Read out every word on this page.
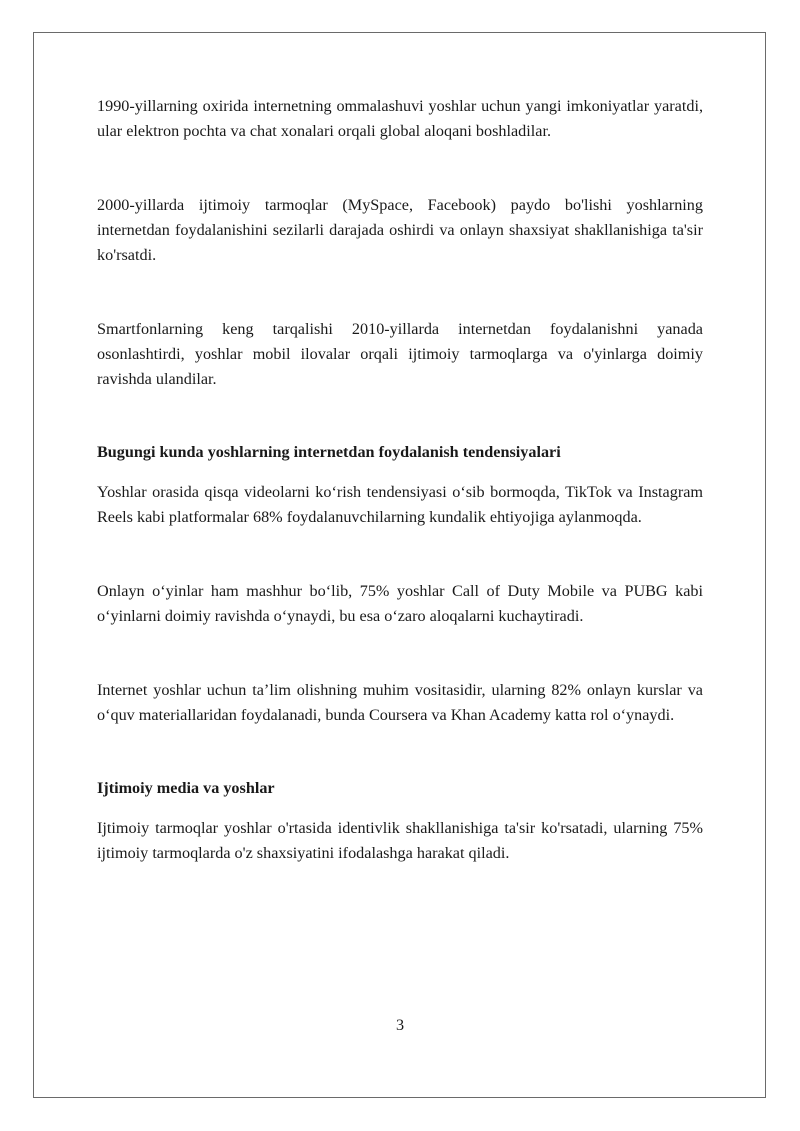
1990-yillarning oxirida internetning ommalashuvi yoshlar uchun yangi imkoniyatlar yaratdi, ular elektron pochta va chat xonalari orqali global aloqani boshladilar.

2000-yillarda ijtimoiy tarmoqlar (MySpace, Facebook) paydo bo'lishi yoshlarning internetdan foydalanishini sezilarli darajada oshirdi va onlayn shaxsiyat shakllanishiga ta'sir ko'rsatdi.

Smartfonlarning keng tarqalishi 2010-yillarda internetdan foydalanishni yanada osonlashtirdi, yoshlar mobil ilovalar orqali ijtimoiy tarmoqlarga va o'yinlarga doimiy ravishda ulandilar.

Bugungi kunda yoshlarning internetdan foydalanish tendensiyalari

Yoshlar orasida qisqa videolarni ko‘rish tendensiyasi o‘sib bormoqda, TikTok va Instagram Reels kabi platformalar 68% foydalanuvchilarning kundalik ehtiyojiga aylanmoqda.

Onlayn o‘yinlar ham mashhur bo‘lib, 75% yoshlar Call of Duty Mobile va PUBG kabi o‘yinlarni doimiy ravishda o‘ynaydi, bu esa o‘zaro aloqalarni kuchaytiradi.

Internet yoshlar uchun ta’lim olishning muhim vositasidir, ularning 82% onlayn kurslar va o‘quv materiallaridan foydalanadi, bunda Coursera va Khan Academy katta rol o‘ynaydi.

Ijtimoiy media va yoshlar

Ijtimoiy tarmoqlar yoshlar o'rtasida identivlik shakllanishiga ta'sir ko'rsatadi, ularning 75% ijtimoiy tarmoqlarda o'z shaxsiyatini ifodalashga harakat qiladi.

3
